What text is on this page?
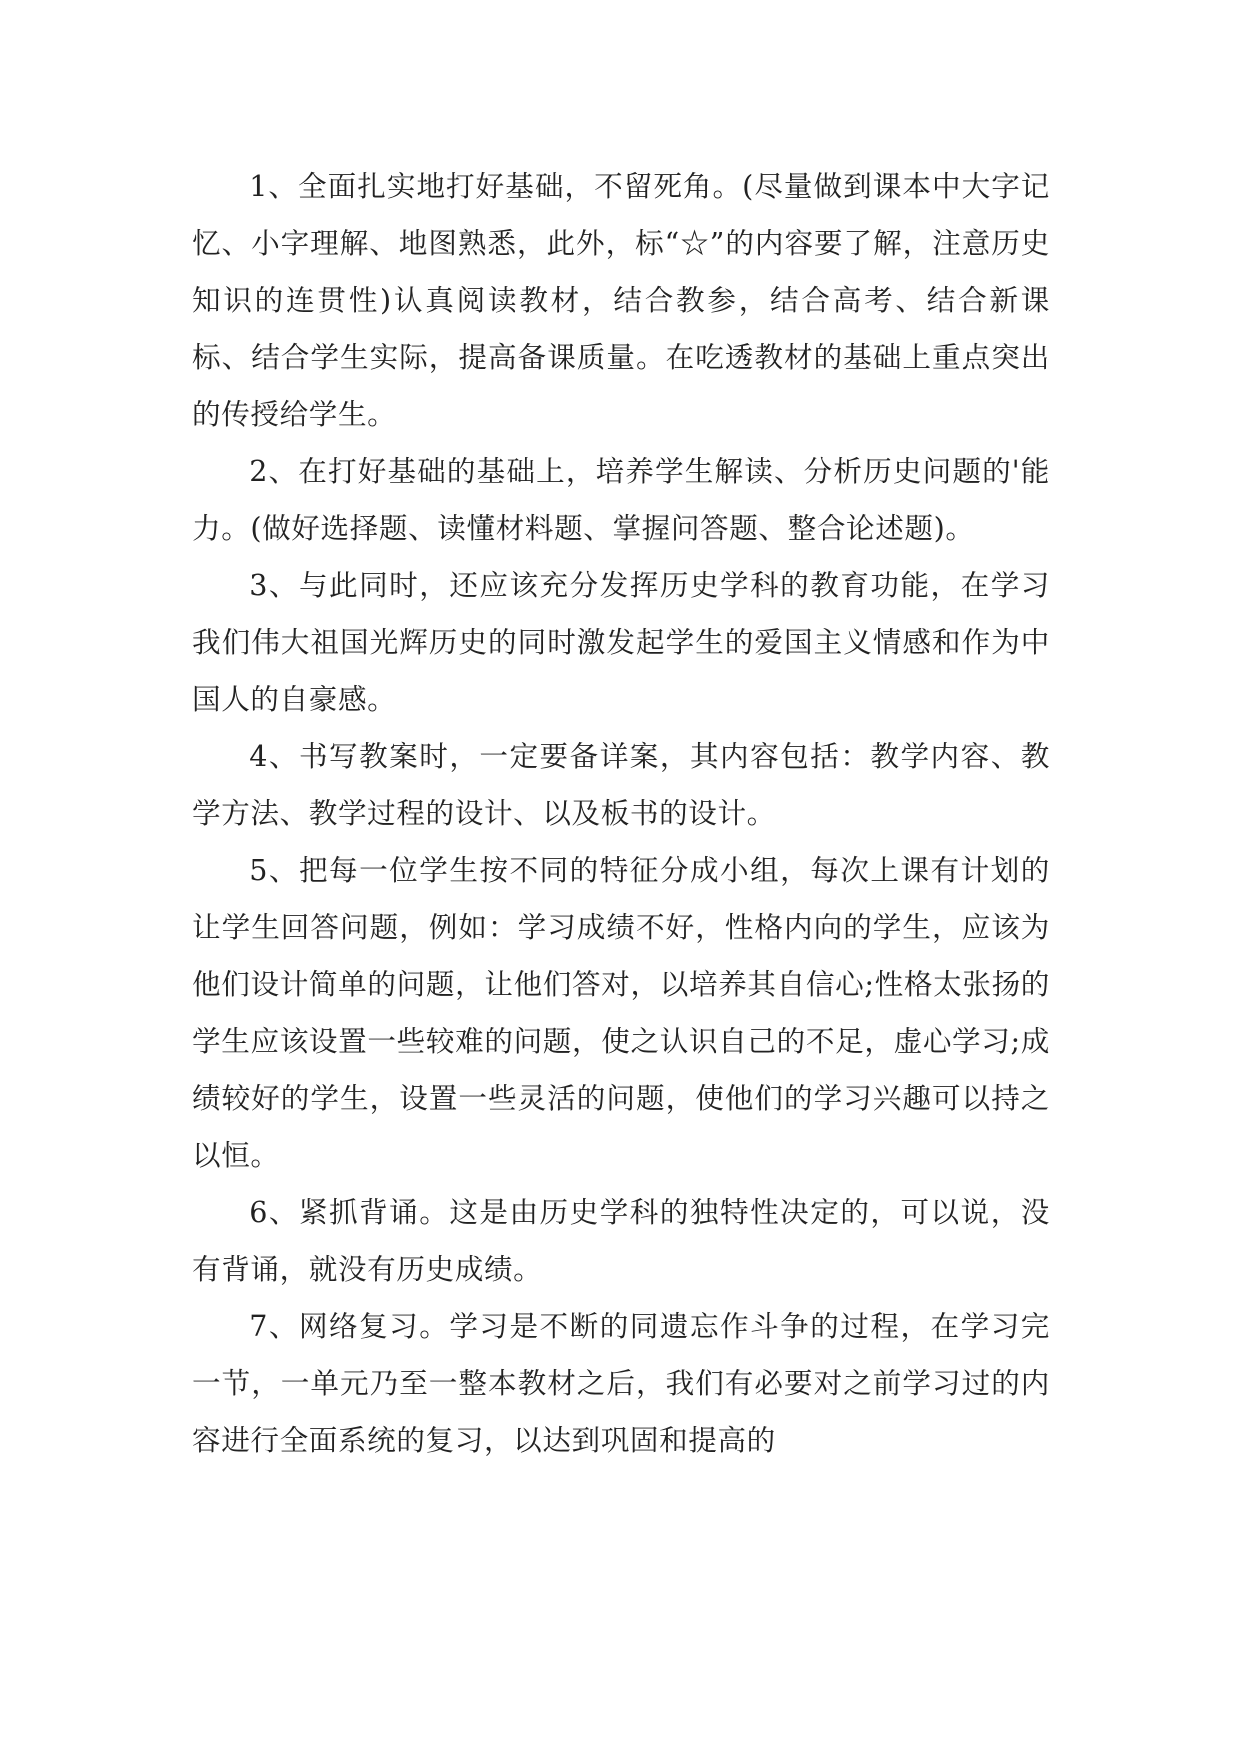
1、全面扎实地打好基础，不留死角。(尽量做到课本中大字记忆、小字理解、地图熟悉，此外，标“☆”的内容要了解，注意历史知识的连贯性)认真阅读教材，结合教参，结合高考、结合新课标、结合学生实际，提高备课质量。在吃透教材的基础上重点突出的传授给学生。

2、在打好基础的基础上，培养学生解读、分析历史问题的'能力。(做好选择题、读懂材料题、掌握问答题、整合论述题)。

3、与此同时，还应该充分发挥历史学科的教育功能，在学习我们伟大祖国光辉历史的同时激发起学生的爱国主义情感和作为中国人的自豪感。

4、书写教案时，一定要备详案，其内容包括：教学内容、教学方法、教学过程的设计、以及板书的设计。

5、把每一位学生按不同的特征分成小组，每次上课有计划的让学生回答问题，例如：学习成绩不好，性格内向的学生，应该为他们设计简单的问题，让他们答对，以培养其自信心;性格太张扬的学生应该设置一些较难的问题，使之认识自己的不足，虚心学习;成绩较好的学生，设置一些灵活的问题，使他们的学习兴趣可以持之以恒。

6、紧抓背诵。这是由历史学科的独特性决定的，可以说，没有背诵，就没有历史成绩。

7、网络复习。学习是不断的同遗忘作斗争的过程，在学习完一节，一单元乃至一整本教材之后，我们有必要对之前学习过的内容进行全面系统的复习，以达到巩固和提高的
